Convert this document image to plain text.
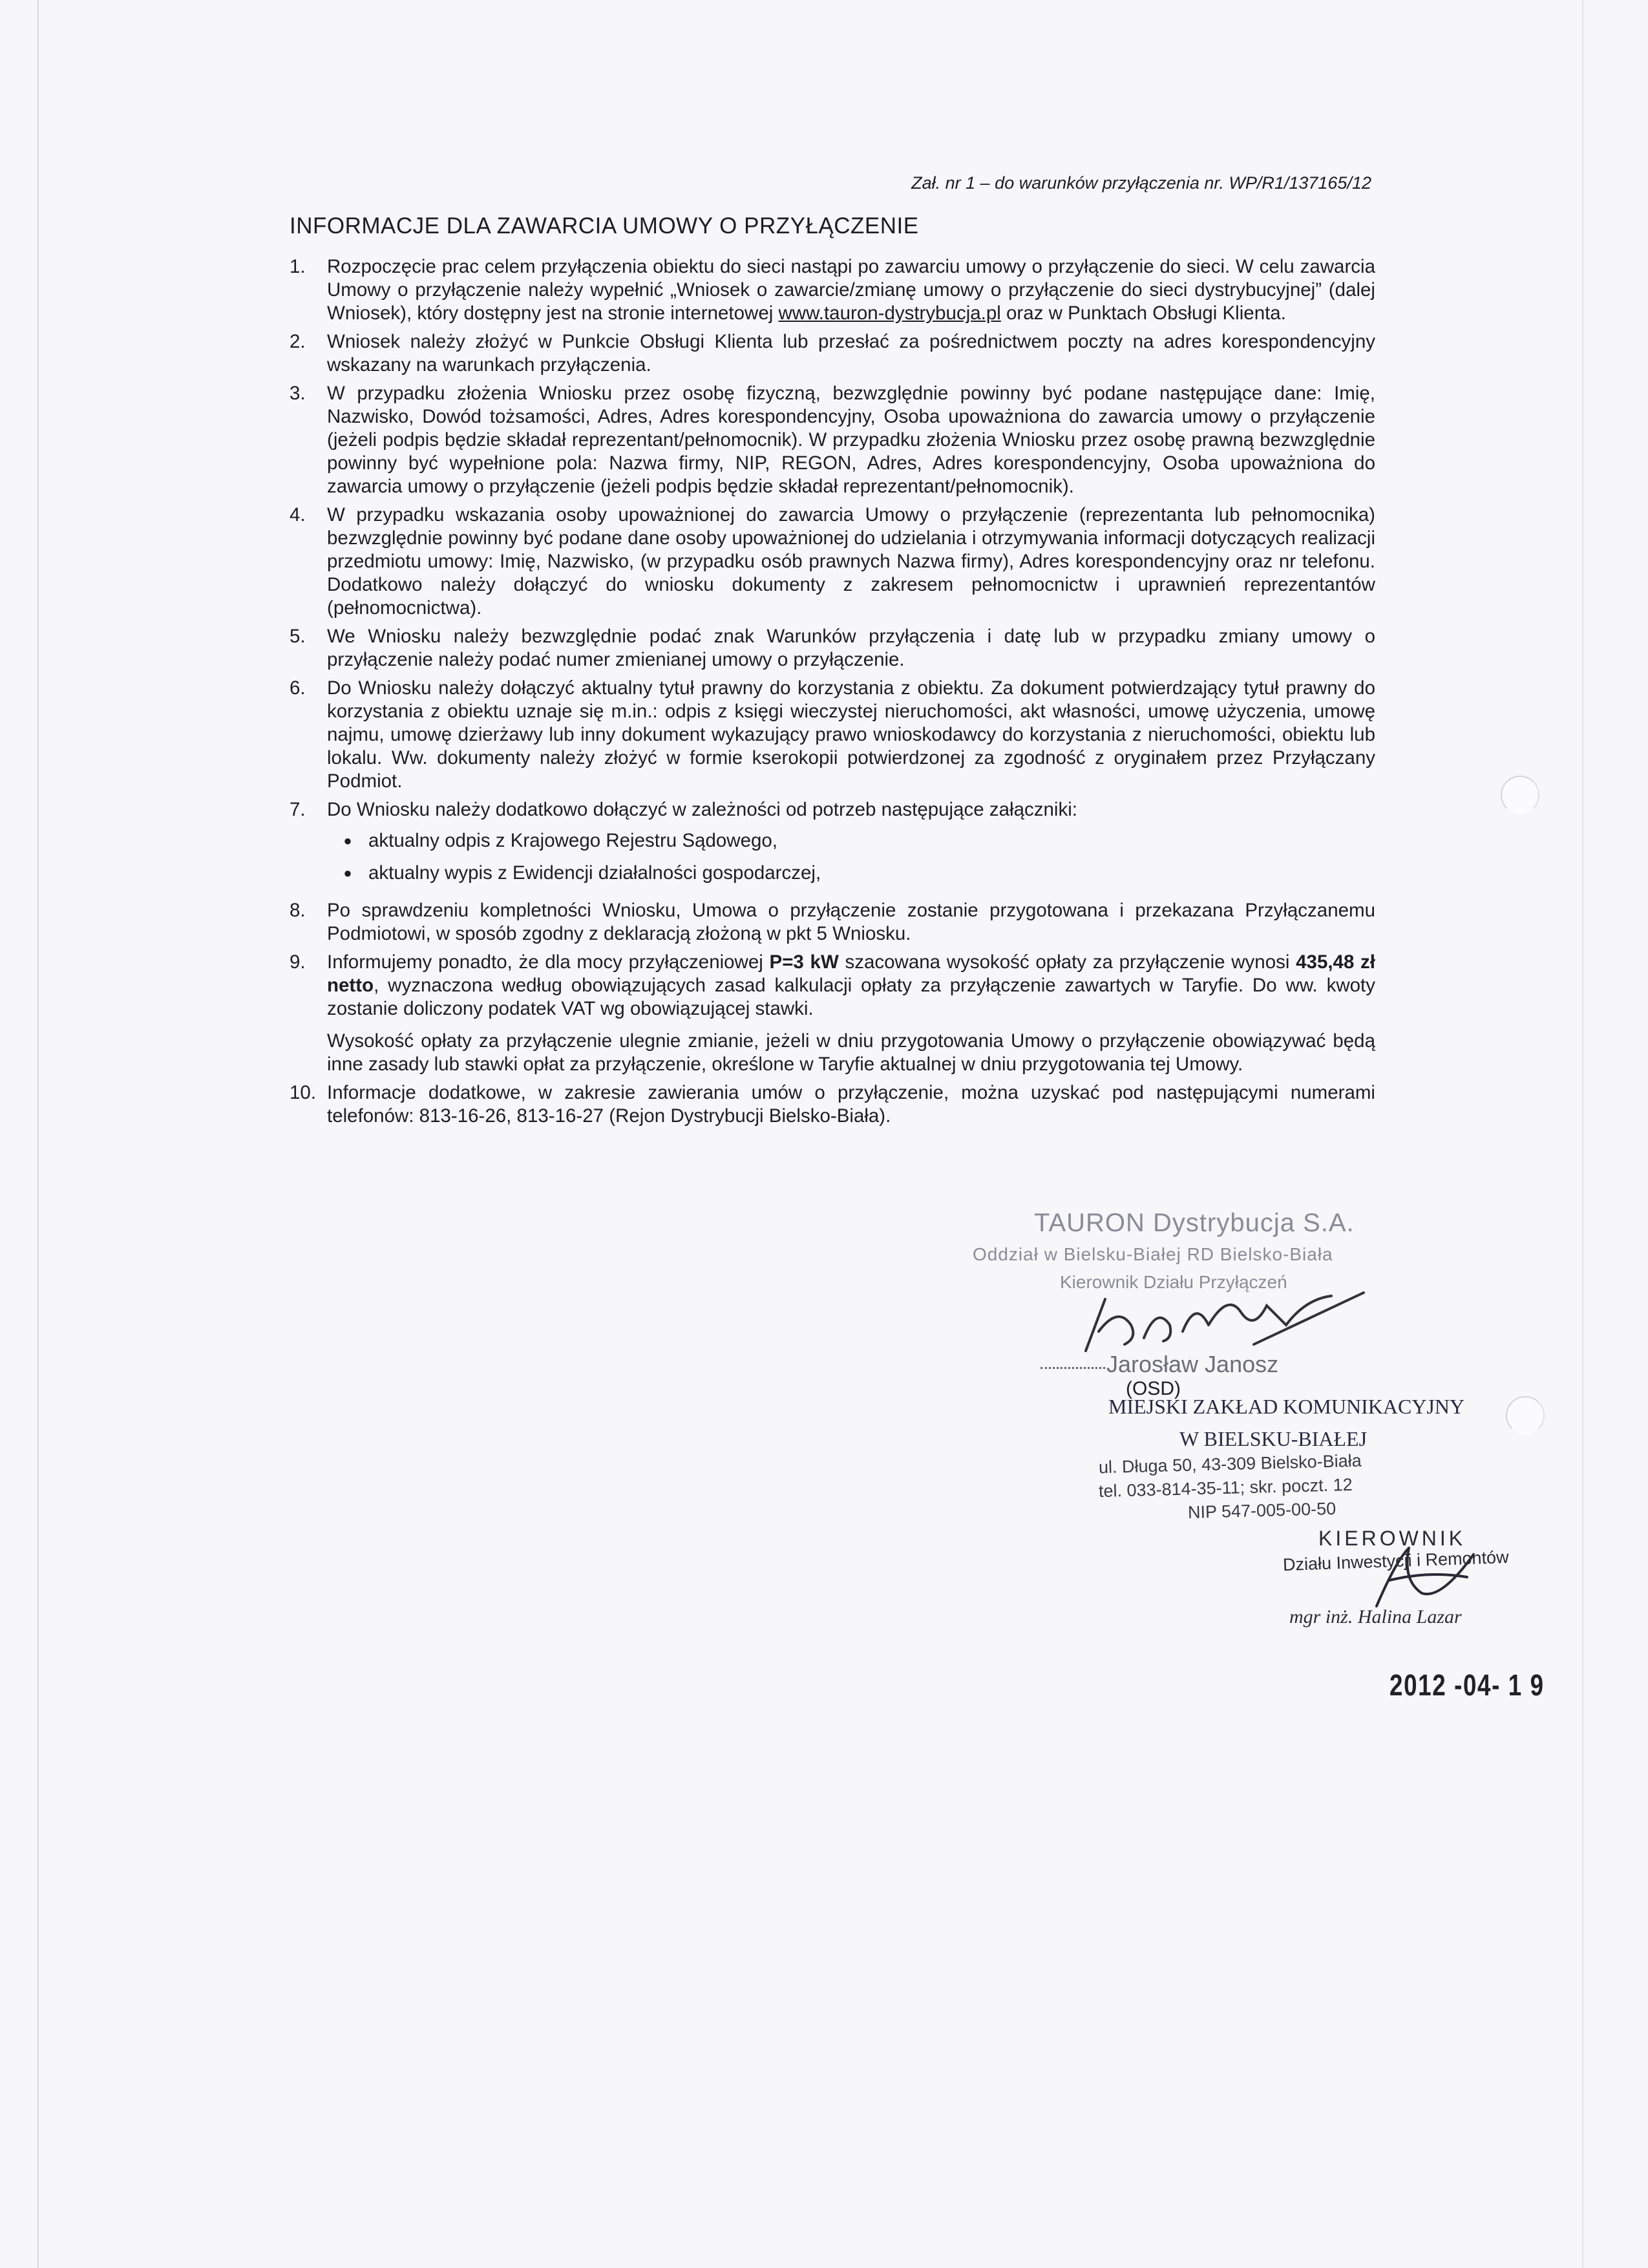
Zał. nr 1 – do warunków przyłączenia nr. WP/R1/137165/12
INFORMACJE DLA ZAWARCIA UMOWY O PRZYŁĄCZENIE
1.	Rozpoczęcie prac celem przyłączenia obiektu do sieci nastąpi po zawarciu umowy o przyłączenie do sieci. W celu zawarcia Umowy o przyłączenie należy wypełnić „Wniosek o zawarcie/zmianę umowy o przyłączenie do sieci dystrybucyjnej” (dalej Wniosek), który dostępny jest na stronie internetowej www.tauron-dystrybucja.pl oraz w Punktach Obsługi Klienta.

2.	Wniosek należy złożyć w Punkcie Obsługi Klienta lub przesłać za pośrednictwem poczty na adres korespondencyjny wskazany na warunkach przyłączenia.

3.	W przypadku złożenia Wniosku przez osobę fizyczną, bezwzględnie powinny być podane następujące dane: Imię, Nazwisko, Dowód tożsamości, Adres, Adres korespondencyjny, Osoba upoważniona do zawarcia umowy o przyłączenie (jeżeli podpis będzie składał reprezentant/pełnomocnik). W przypadku złożenia Wniosku przez osobę prawną bezwzględnie powinny być wypełnione pola: Nazwa firmy, NIP, REGON, Adres, Adres korespondencyjny, Osoba upoważniona do zawarcia umowy o przyłączenie (jeżeli podpis będzie składał reprezentant/pełnomocnik).

4.	W przypadku wskazania osoby upoważnionej do zawarcia Umowy o przyłączenie (reprezentanta lub pełnomocnika) bezwzględnie powinny być podane dane osoby upoważnionej do udzielania i otrzymywania informacji dotyczących realizacji przedmiotu umowy: Imię, Nazwisko, (w przypadku osób prawnych Nazwa firmy), Adres korespondencyjny oraz nr telefonu. Dodatkowo należy dołączyć do wniosku dokumenty z zakresem pełnomocnictw i uprawnień reprezentantów (pełnomocnictwa).

5.	We Wniosku należy bezwzględnie podać znak Warunków przyłączenia i datę lub w przypadku zmiany umowy o przyłączenie należy podać numer zmienianej umowy o przyłączenie.

6.	Do Wniosku należy dołączyć aktualny tytuł prawny do korzystania z obiektu. Za dokument potwierdzający tytuł prawny do korzystania z obiektu uznaje się m.in.: odpis z księgi wieczystej nieruchomości, akt własności, umowę użyczenia, umowę najmu, umowę dzierżawy lub inny dokument wykazujący prawo wnioskodawcy do korzystania z nieruchomości, obiektu lub lokalu. Ww. dokumenty należy złożyć w formie kserokopii potwierdzonej za zgodność z oryginałem przez Przyłączany Podmiot.

7.	Do Wniosku należy dodatkowo dołączyć w zależności od potrzeb następujące załączniki:

● aktualny odpis z Krajowego Rejestru Sądowego,
● aktualny wypis z Ewidencji działalności gospodarczej,
8.	Po sprawdzeniu kompletności Wniosku, Umowa o przyłączenie zostanie przygotowana i przekazana Przyłączanemu Podmiotowi, w sposób zgodny z deklaracją złożoną w pkt 5 Wniosku.

9.	Informujemy ponadto, że dla mocy przyłączeniowej P=3 kW szacowana wysokość opłaty za przyłączenie wynosi 435,48 zł netto, wyznaczona według obowiązujących zasad kalkulacji opłaty za przyłączenie zawartych w Taryfie. Do ww. kwoty zostanie doliczony podatek VAT wg obowiązującej stawki.

Wysokość opłaty za przyłączenie ulegnie zmianie, jeżeli w dniu przygotowania Umowy o przyłączenie obowiązywać będą inne zasady lub stawki opłat za przyłączenie, określone w Taryfie aktualnej w dniu przygotowania tej Umowy.

10. Informacje dodatkowe, w zakresie zawierania umów o przyłączenie, można uzyskać pod następującymi numerami telefonów: 813-16-26, 813-16-27 (Rejon Dystrybucji Bielsko-Biała).

TAURON Dystrybucja S.A.
Oddział w Bielsku-Białej RD Bielsko-Biała
Kierownik Działu Przyłączeń
Jarosław Janosz
(OSD)
MIEJSKI ZAKŁAD KOMUNIKACYJNY
W BIELSKU-BIAŁEJ
ul. Długa 50, 43-309 Bielsko-Biała
tel. 033-814-35-11; skr. poczt. 12
NIP 547-005-00-50
KIEROWNIK
Działu Inwestycji i Remontów
mgr inż. Halina Lazar
2012 -04- 1 9
